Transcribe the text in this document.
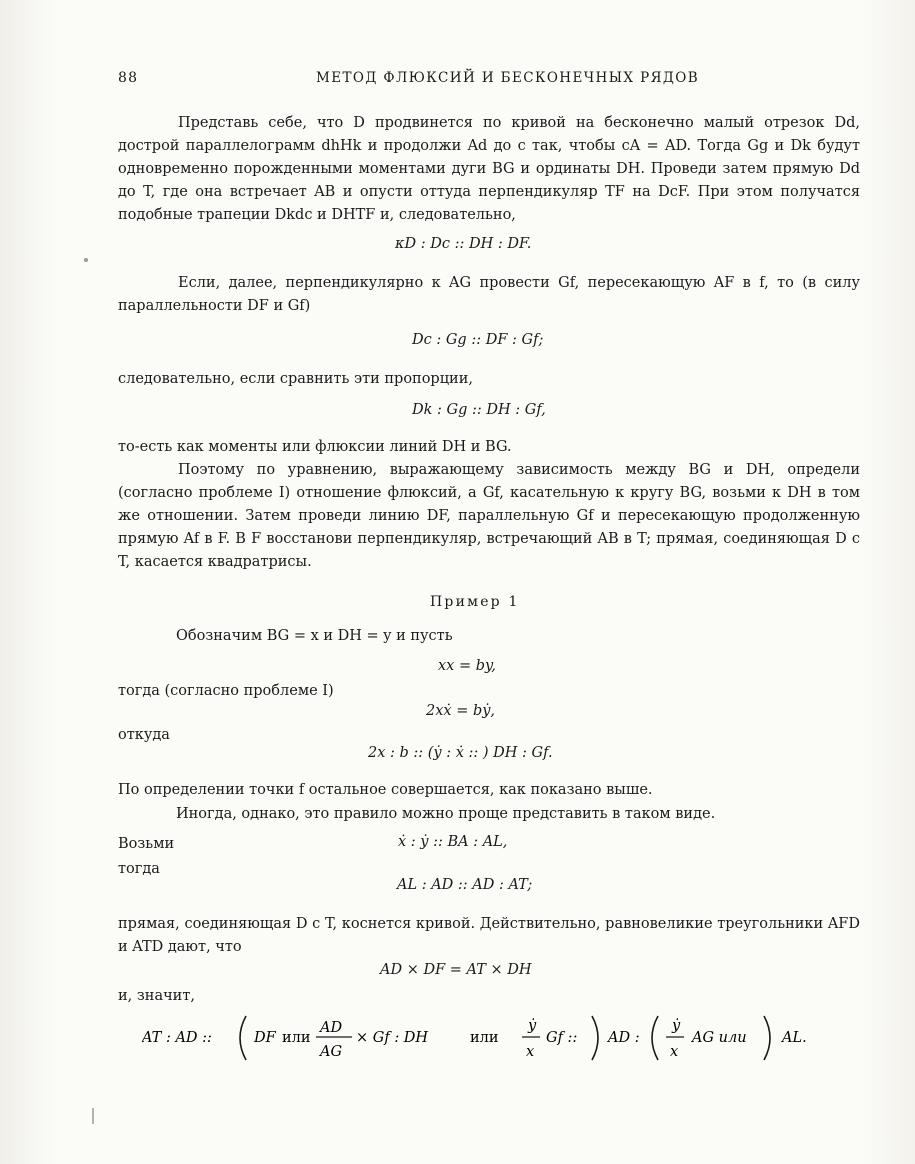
88	МЕТОД ФЛЮКСИЙ И БЕСКОНЕЧНЫХ РЯДОВ

Представь себе, что D продвинется по кривой на бесконечно малый отрезок Dd, дострой параллелограмм dhHk и продолжи Ad до c так, чтобы cA = AD. Тогда Gg и Dk будут одновременно порожденными моментами дуги BG и ординаты DH. Проведи затем прямую Dd до T, где она встречает AB и опусти оттуда перпендикуляр TF на DcF. При этом получатся подобные трапеции Dkdc и DHTF и, следовательно,

κD : Dc :: DH : DF.

Если, далее, перпендикулярно к AG провести Gf, пересекающую AF в f, то (в силу параллельности DF и Gf)

Dc : Gg :: DF : Gf;

следовательно, если сравнить эти пропорции,

Dk : Gg :: DH : Gf,

то-есть как моменты или флюксии линий DH и BG.

Поэтому по уравнению, выражающему зависимость между BG и DH, определи (согласно проблеме I) отношение флюксий, а Gf, касательную к кругу BG, возьми к DH в том же отношении. Затем проведи линию DF, параллельную Gf и пересекающую продолженную прямую Af в F. В F восстанови перпендикуляр, встречающий AB в T; прямая, соединяющая D с T, касается квадратрисы.

Пример 1
Обозначим BG = x и DH = y и пусть
xx = by,
тогда (согласно проблеме I)
2xẋ = bẏ,
откуда
2x : b :: (ẏ : ẋ :: ) DH : Gf.
По определении точки f остальное совершается, как показано выше.
Иногда, однако, это правило можно проще представить в таком виде.
Возьми	ẋ : ẏ :: BA : AL,
тогда
AL : AD :: AD : AT;

прямая, соединяющая D с T, коснется кривой. Действительно, равновеликие треугольники AFD и ATD дают, что

AD × DF = AT × DH
и, значит,
AT : AD ::	DF или
AD
AG
× Gf : DH	или
ẏ
x
Gf :: AD :
ẏ
x
AG или AL.
